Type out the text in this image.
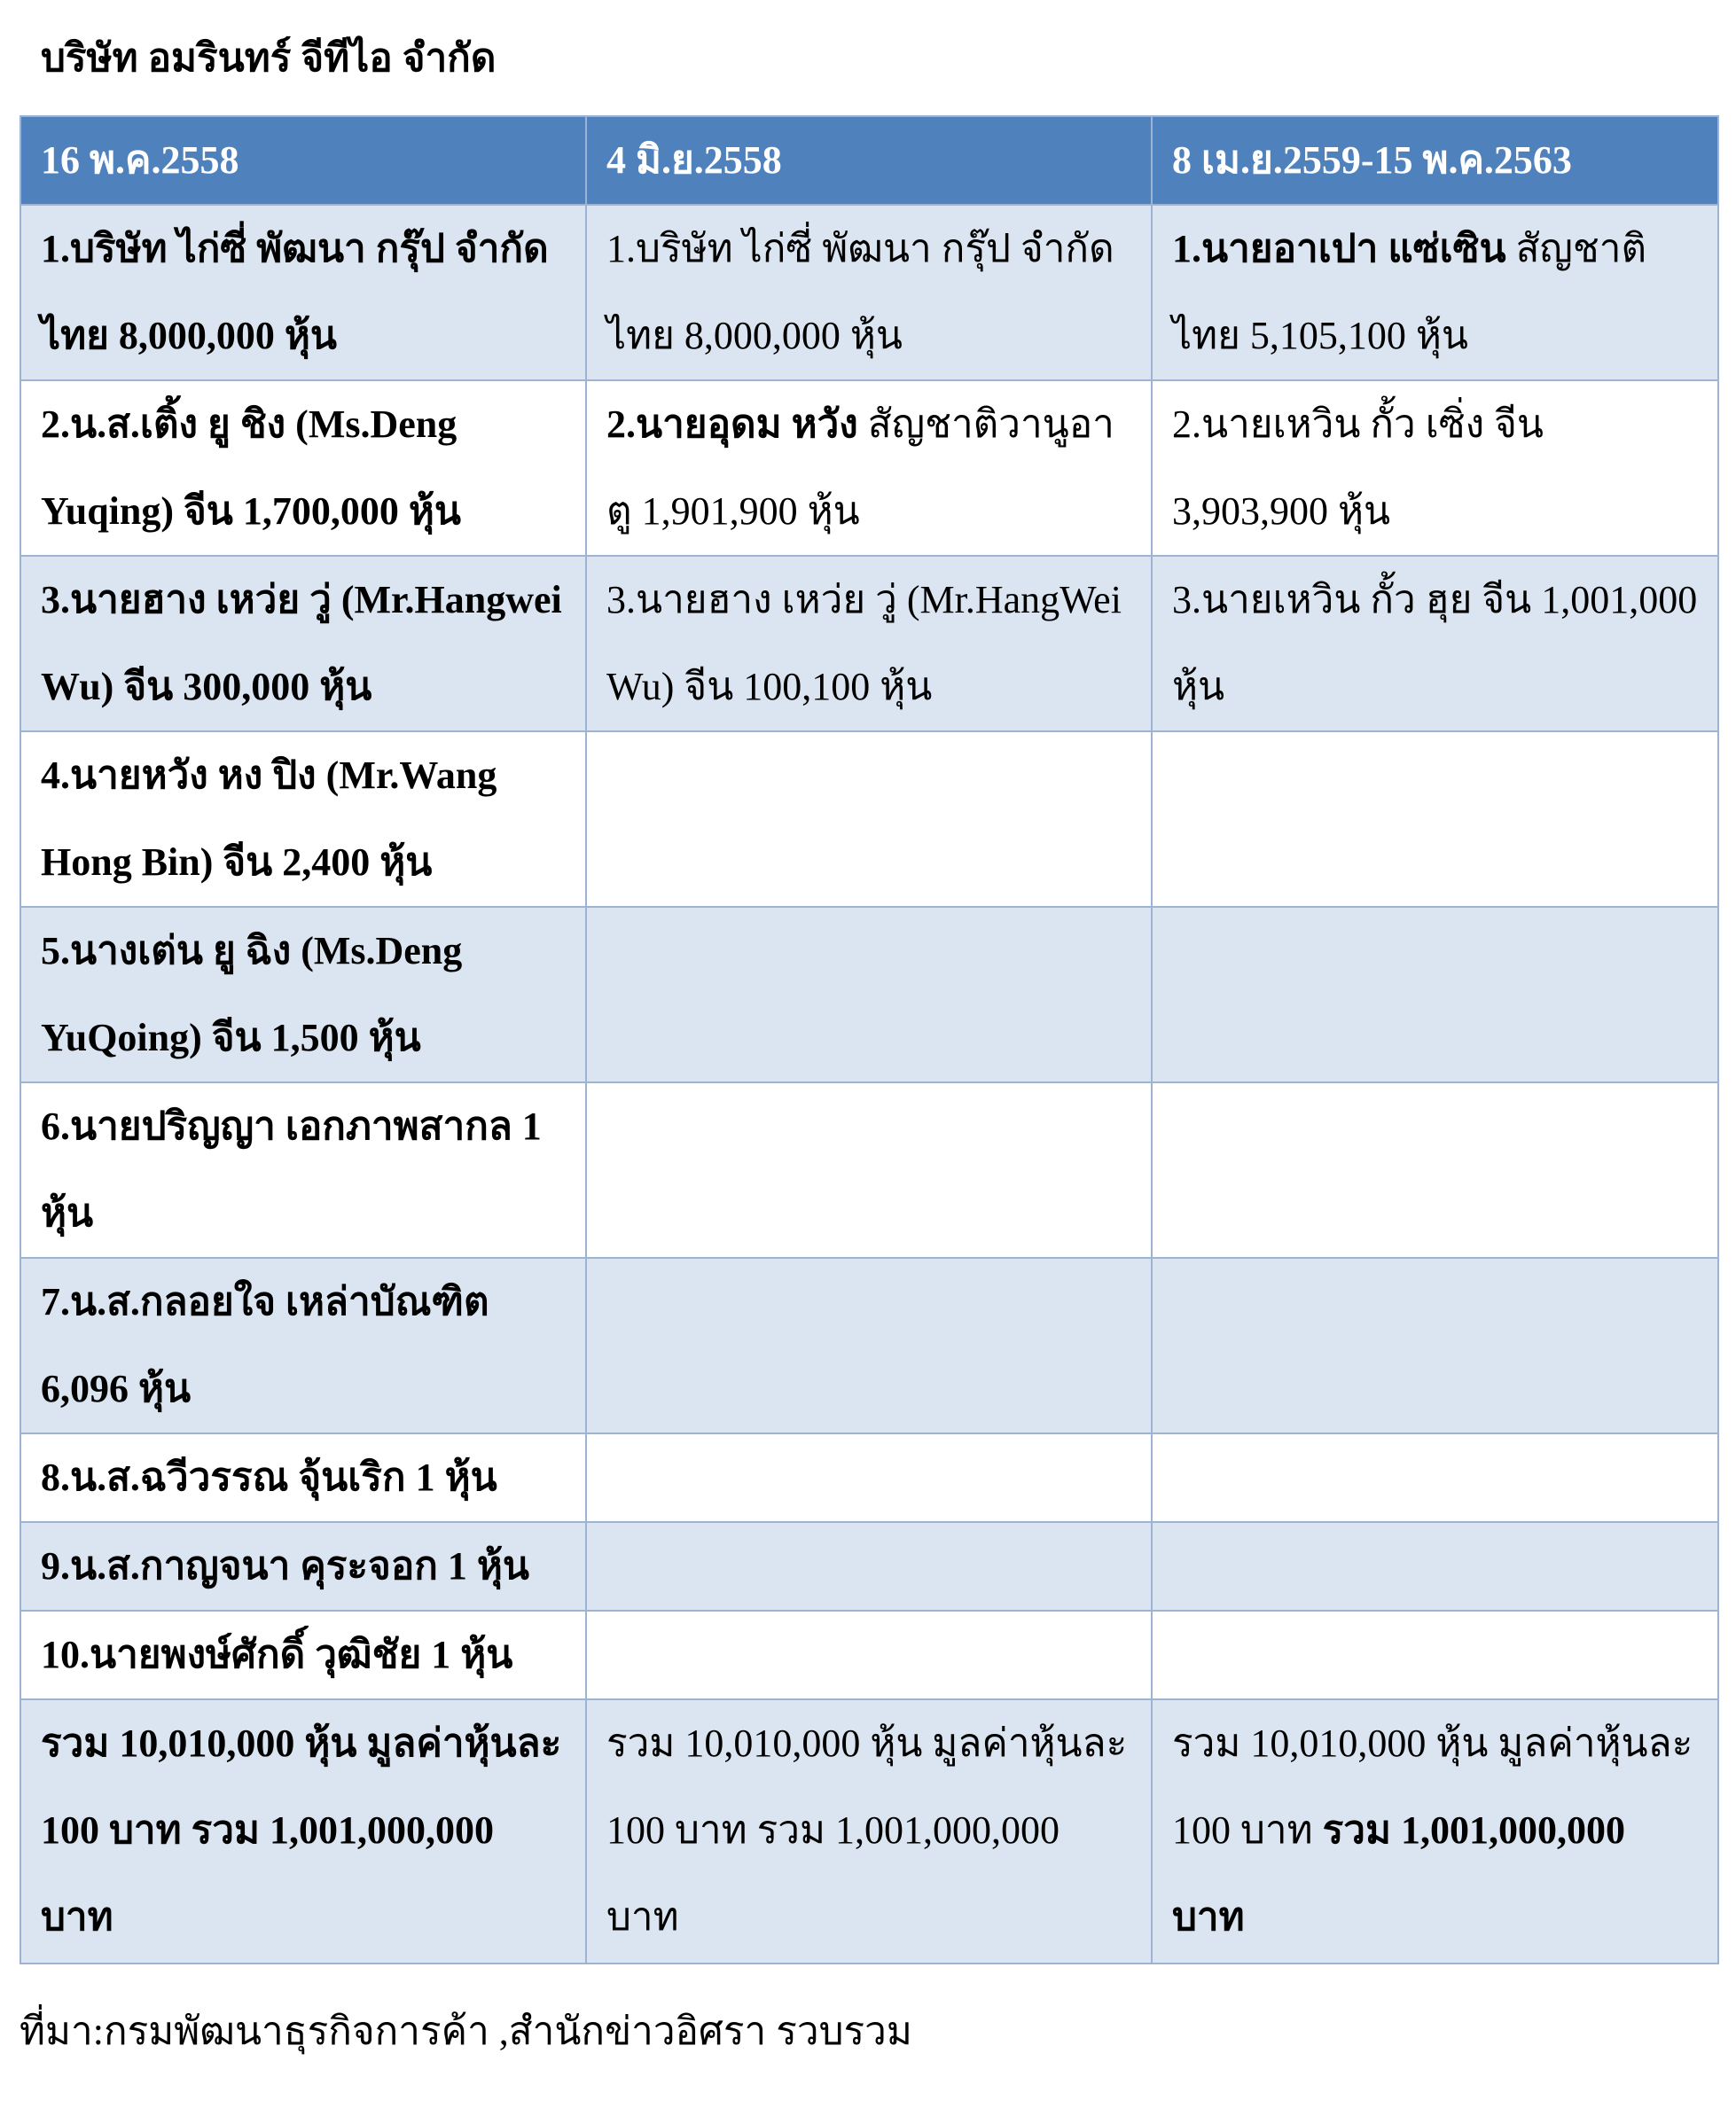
บริษัท อมรินทร์ จีทีไอ จำกัด
16 พ.ค.2558	4 มิ.ย.2558	8 เม.ย.2559-15 พ.ค.2563
1.บริษัท ไก่ซี่ พัฒนา กรุ๊ป จำกัด ไทย 8,000,000 หุ้น	1.บริษัท ไก่ซี่ พัฒนา กรุ๊ป จำกัด ไทย 8,000,000 หุ้น	1.นายอาเปา แซ่เซิน สัญชาติไทย 5,105,100 หุ้น
2.น.ส.เติ้ง ยู ชิง (Ms.Deng Yuqing) จีน 1,700,000 หุ้น	2.นายอุดม หวัง สัญชาติวานูอาตู 1,901,900 หุ้น	2.นายเหวิน กั้ว เซิ่ง จีน 3,903,900 หุ้น
3.นายฮาง เหว่ย วู่ (Mr.Hangwei Wu) จีน 300,000 หุ้น	3.นายฮาง เหว่ย วู่ (Mr.HangWei Wu) จีน 100,100 หุ้น	3.นายเหวิน กั้ว ฮุย จีน 1,001,000 หุ้น
4.นายหวัง หง ปิง (Mr.Wang Hong Bin) จีน 2,400 หุ้น		
5.นางเต่น ยู ฉิง (Ms.Deng YuQoing) จีน 1,500 หุ้น		
6.นายปริญญา เอกภาพสากล 1 หุ้น		
7.น.ส.กลอยใจ เหล่าบัณฑิต 6,096 หุ้น		
8.น.ส.ฉวีวรรณ จุ้นเริก 1 หุ้น		
9.น.ส.กาญจนา คุระจอก 1 หุ้น		
10.นายพงษ์ศักดิ์ วุฒิชัย 1 หุ้น		
รวม 10,010,000 หุ้น มูลค่าหุ้นละ 100 บาท รวม 1,001,000,000 บาท	รวม 10,010,000 หุ้น มูลค่าหุ้นละ 100 บาท รวม 1,001,000,000 บาท	รวม 10,010,000 หุ้น มูลค่าหุ้นละ 100 บาท รวม 1,001,000,000 บาท
ที่มา:กรมพัฒนาธุรกิจการค้า ,สำนักข่าวอิศรา รวบรวม
